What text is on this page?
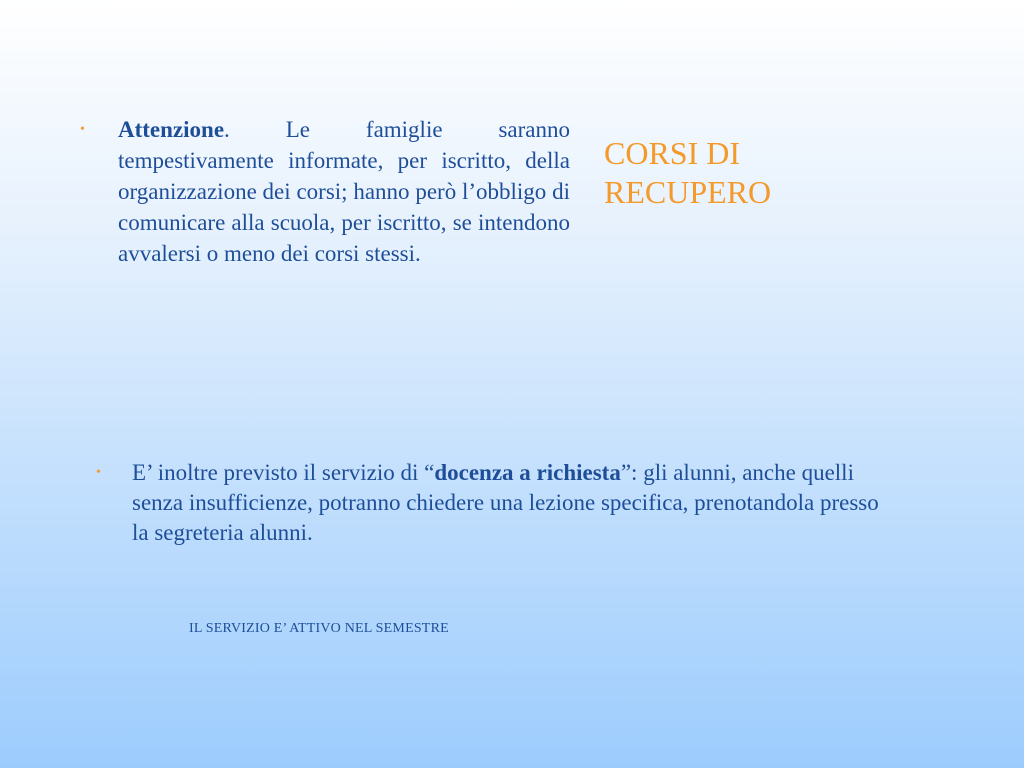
•	Attenzione. Le famiglie saranno tempestivamente informate, per iscritto, della organizzazione dei corsi; hanno però l’obbligo di comunicare alla scuola, per iscritto, se intendono avvalersi o meno dei corsi stessi.
CORSI DI
RECUPERO
•	E’ inoltre previsto il servizio di “docenza a richiesta”: gli alunni, anche quelli senza insufficienze, potranno chiedere una lezione specifica, prenotandola presso la segreteria alunni.
IL SERVIZIO E’ ATTIVO NEL SEMESTRE
